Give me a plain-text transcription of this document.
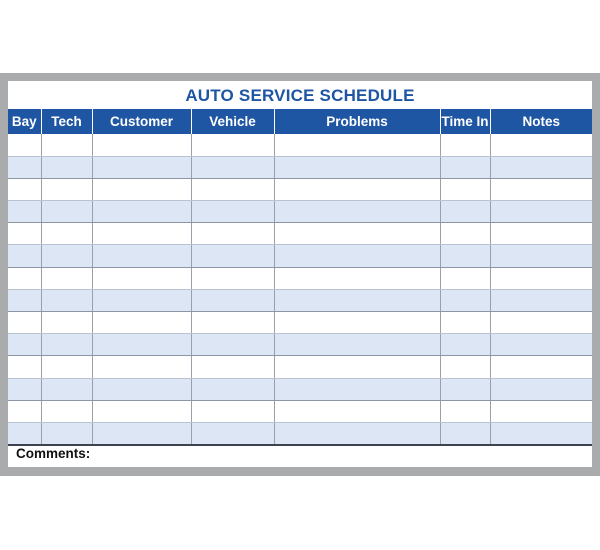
AUTO SERVICE SCHEDULE
Bay	Tech	Customer	Vehicle	Problems	Time In	Notes

Comments:
